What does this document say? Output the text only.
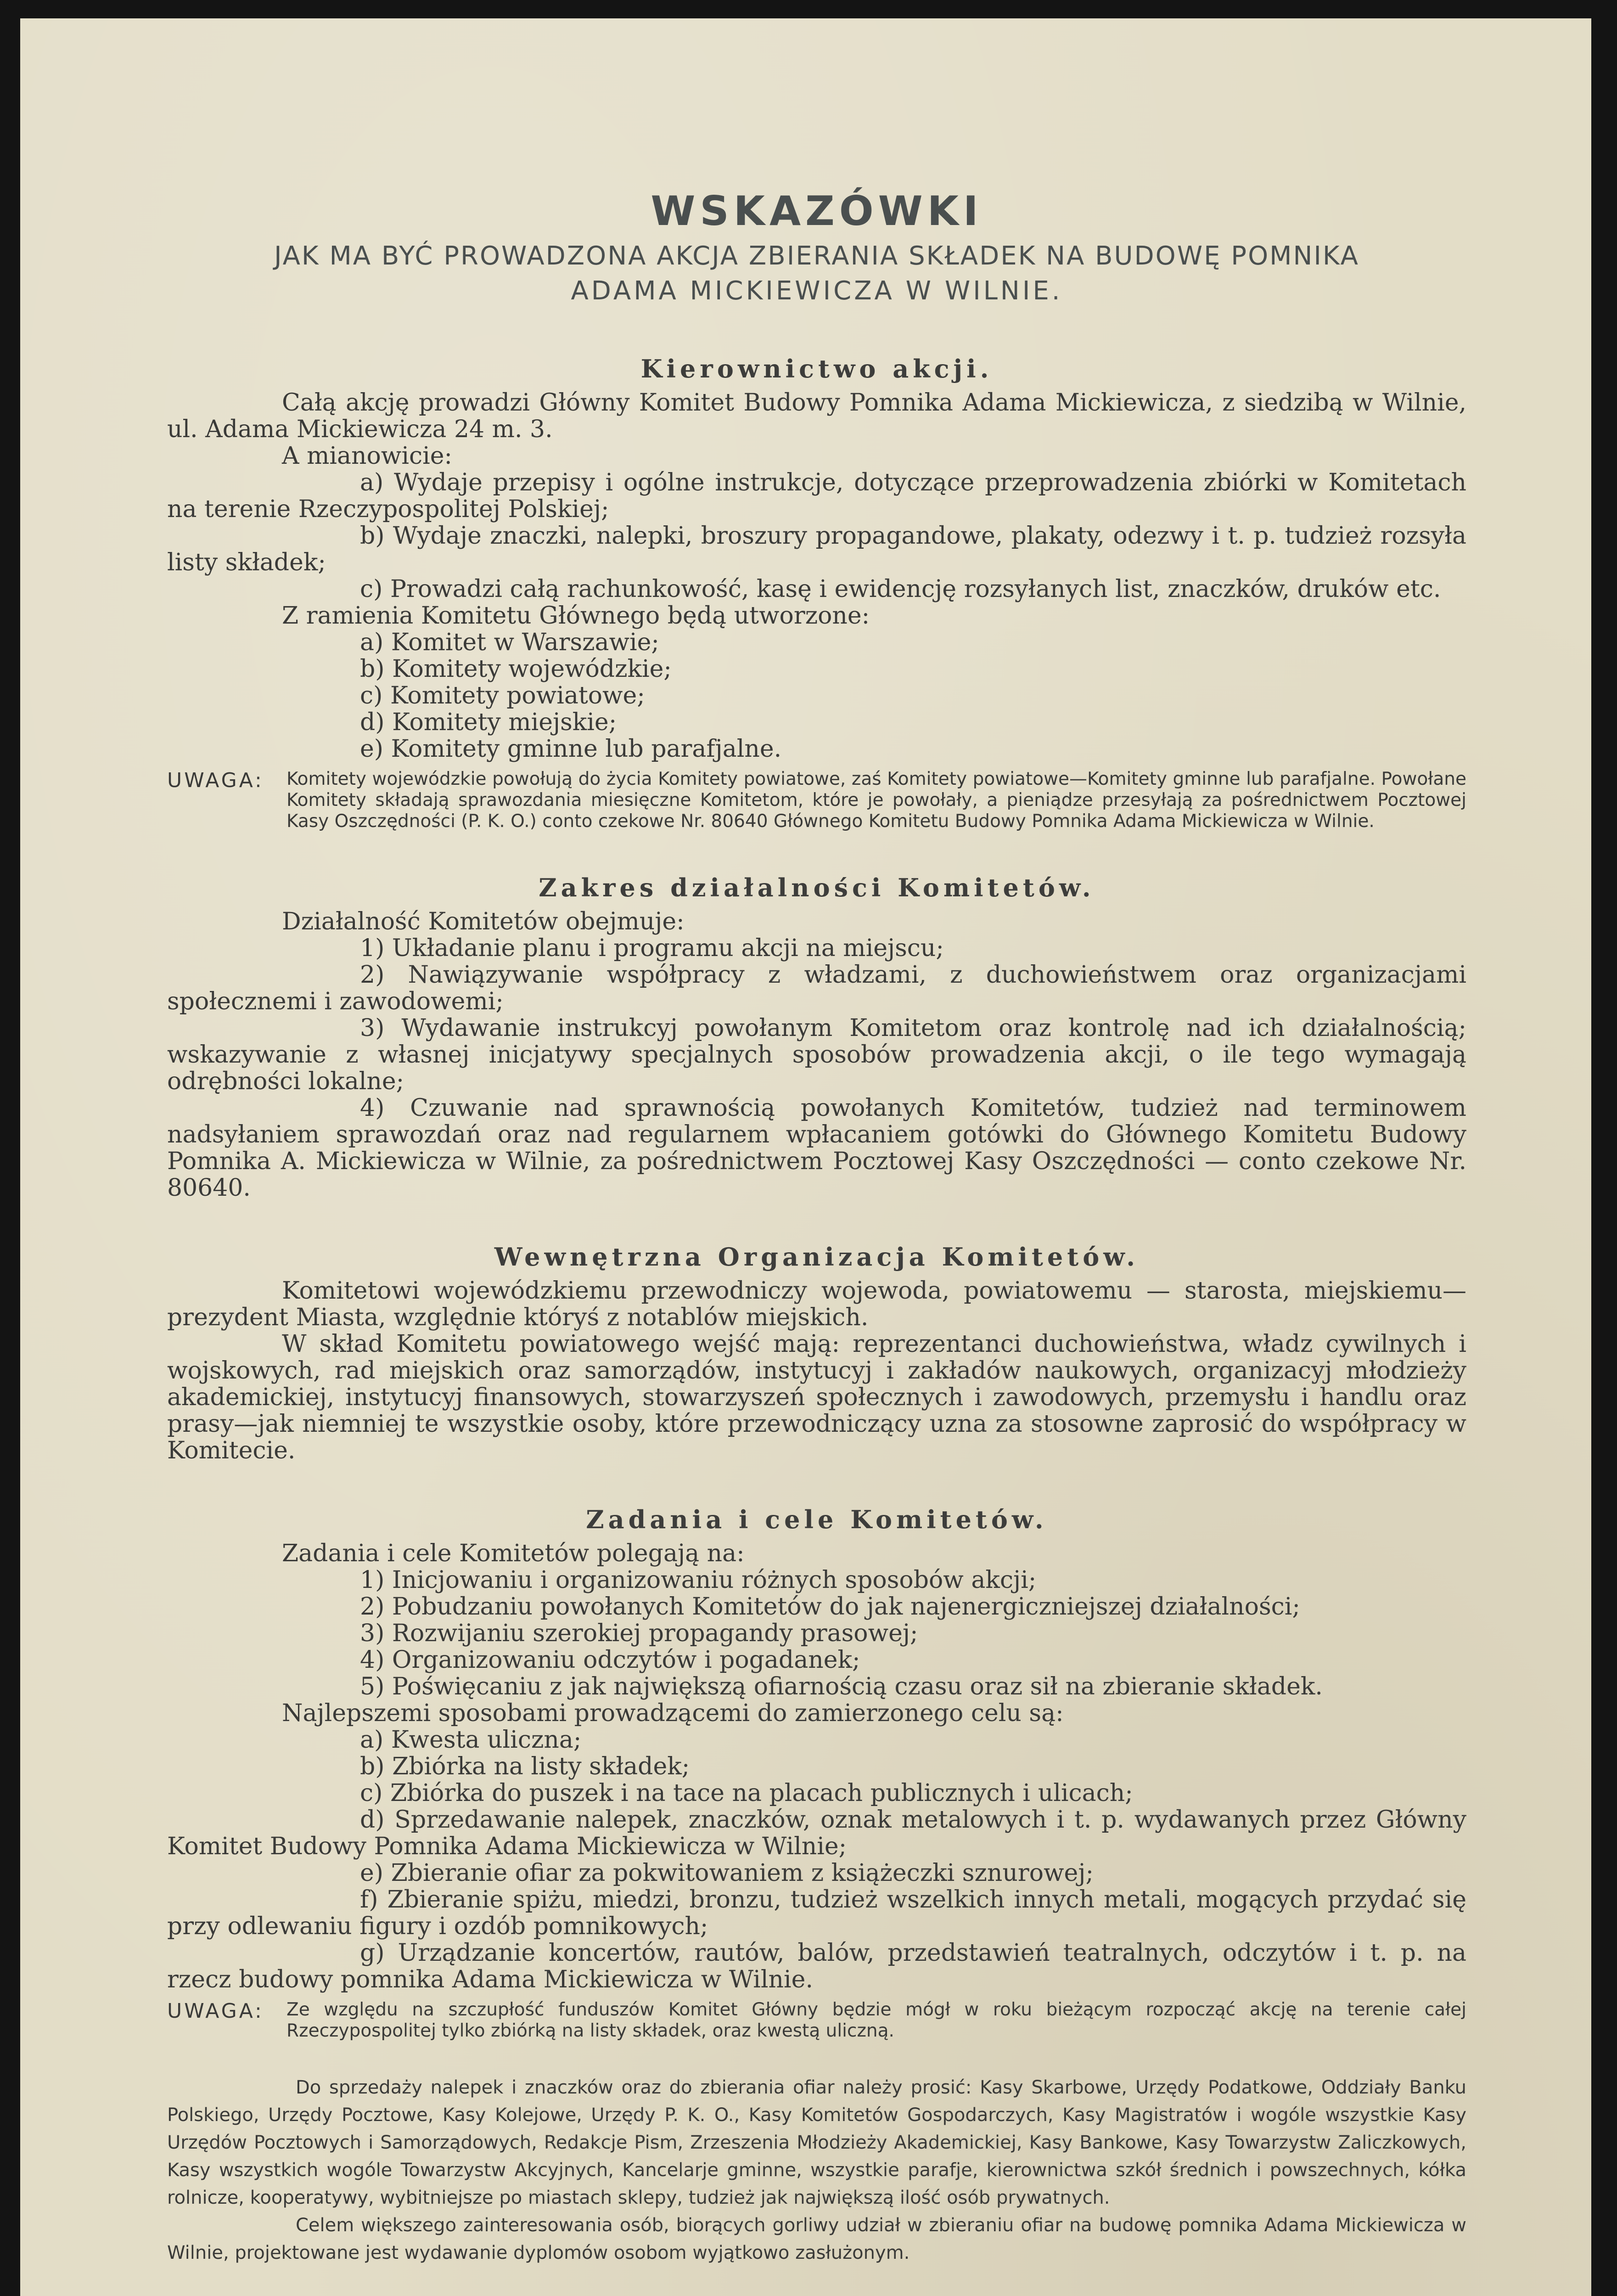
WSKAZÓWKI

JAK MA BYĆ PROWADZONA AKCJA ZBIERANIA SKŁADEK NA BUDOWĘ POMNIKA

ADAMA MICKIEWICZA W WILNIE.

Kierownictwo akcji.

Całą akcję prowadzi Główny Komitet Budowy Pomnika Adama Mickiewicza, z siedzibą w Wilnie, ul. Adama Mickiewicza 24 m. 3.

A mianowicie:

a) Wydaje przepisy i ogólne instrukcje, dotyczące przeprowadzenia zbiórki w Komitetach na terenie Rzeczypospolitej Polskiej;
b) Wydaje znaczki, nalepki, broszury propagandowe, plakaty, odezwy i t. p. tudzież rozsyła listy składek;
c) Prowadzi całą rachunkowość, kasę i ewidencję rozsyłanych list, znaczków, druków etc.

Z ramienia Komitetu Głównego będą utworzone:

a) Komitet w Warszawie;
b) Komitety wojewódzkie;
c) Komitety powiatowe;
d) Komitety miejskie;
e) Komitety gminne lub parafjalne.
UWAGA:	Komitety wojewódzkie powołują do życia Komitety powiatowe, zaś Komitety powiatowe—Komitety gminne lub parafjalne. Powołane Komitety składają sprawozdania miesięczne Komitetom, które je powołały, a pieniądze przesyłają za pośrednictwem Pocztowej Kasy Oszczędności (P. K. O.) conto czekowe Nr. 80640 Głównego Komitetu Budowy Pomnika Adama Mickiewicza w Wilnie.
Zakres działalności Komitetów.

Działalność Komitetów obejmuje:

1) Układanie planu i programu akcji na miejscu;
2) Nawiązywanie współpracy z władzami, z duchowieństwem oraz organizacjami społecznemi i zawodowemi;
3) Wydawanie instrukcyj powołanym Komitetom oraz kontrolę nad ich działalnością; wskazywanie z własnej inicjatywy specjalnych sposobów prowadzenia akcji, o ile tego wymagają odrębności lokalne;
4) Czuwanie nad sprawnością powołanych Komitetów, tudzież nad terminowem nadsyłaniem sprawozdań oraz nad regularnem wpłacaniem gotówki do Głównego Komitetu Budowy Pomnika A. Mickiewicza w Wilnie, za pośrednictwem Pocztowej Kasy Oszczędności — conto czekowe Nr. 80640.
Wewnętrzna Organizacja Komitetów.

Komitetowi wojewódzkiemu przewodniczy wojewoda, powiatowemu — starosta, miejskiemu—prezydent Miasta, względnie któryś z notablów miejskich.

W skład Komitetu powiatowego wejść mają: reprezentanci duchowieństwa, władz cywilnych i wojskowych, rad miejskich oraz samorządów, instytucyj i zakładów naukowych, organizacyj młodzieży akademickiej, instytucyj finansowych, stowarzyszeń społecznych i zawodowych, przemysłu i handlu oraz prasy—jak niemniej te wszystkie osoby, które przewodniczący uzna za stosowne zaprosić do współpracy w Komitecie.

Zadania i cele Komitetów.

Zadania i cele Komitetów polegają na:

1) Inicjowaniu i organizowaniu różnych sposobów akcji;
2) Pobudzaniu powołanych Komitetów do jak najenergiczniejszej działalności;
3) Rozwijaniu szerokiej propagandy prasowej;
4) Organizowaniu odczytów i pogadanek;
5) Poświęcaniu z jak największą ofiarnością czasu oraz sił na zbieranie składek.

Najlepszemi sposobami prowadzącemi do zamierzonego celu są:

a) Kwesta uliczna;
b) Zbiórka na listy składek;
c) Zbiórka do puszek i na tace na placach publicznych i ulicach;
d) Sprzedawanie nalepek, znaczków, oznak metalowych i t. p. wydawanych przez Główny Komitet Budowy Pomnika Adama Mickiewicza w Wilnie;
e) Zbieranie ofiar za pokwitowaniem z książeczki sznurowej;
f) Zbieranie spiżu, miedzi, bronzu, tudzież wszelkich innych metali, mogących przydać się przy odlewaniu figury i ozdób pomnikowych;
g) Urządzanie koncertów, rautów, balów, przedstawień teatralnych, odczytów i t. p. na rzecz budowy pomnika Adama Mickiewicza w Wilnie.
UWAGA:	Ze względu na szczupłość funduszów Komitet Główny będzie mógł w roku bieżącym rozpocząć akcję na terenie całej Rzeczypospolitej tylko zbiórką na listy składek, oraz kwestą uliczną.

Do sprzedaży nalepek i znaczków oraz do zbierania ofiar należy prosić: Kasy Skarbowe, Urzędy Podatkowe, Oddziały Banku Polskiego, Urzędy Pocztowe, Kasy Kolejowe, Urzędy P. K. O., Kasy Komitetów Gospodarczych, Kasy Magistratów i wogóle wszystkie Kasy Urzędów Pocztowych i Samorządowych, Redakcje Pism, Zrzeszenia Młodzieży Akademickiej, Kasy Bankowe, Kasy Towarzystw Zaliczkowych, Kasy wszystkich wogóle Towarzystw Akcyjnych, Kancelarje gminne, wszystkie parafje, kierownictwa szkół średnich i powszechnych, kółka rolnicze, kooperatywy, wybitniejsze po miastach sklepy, tudzież jak największą ilość osób prywatnych.

Celem większego zainteresowania osób, biorących gorliwy udział w zbieraniu ofiar na budowę pomnika Adama Mickiewicza w Wilnie, projektowane jest wydawanie dyplomów osobom wyjątkowo zasłużonym.
